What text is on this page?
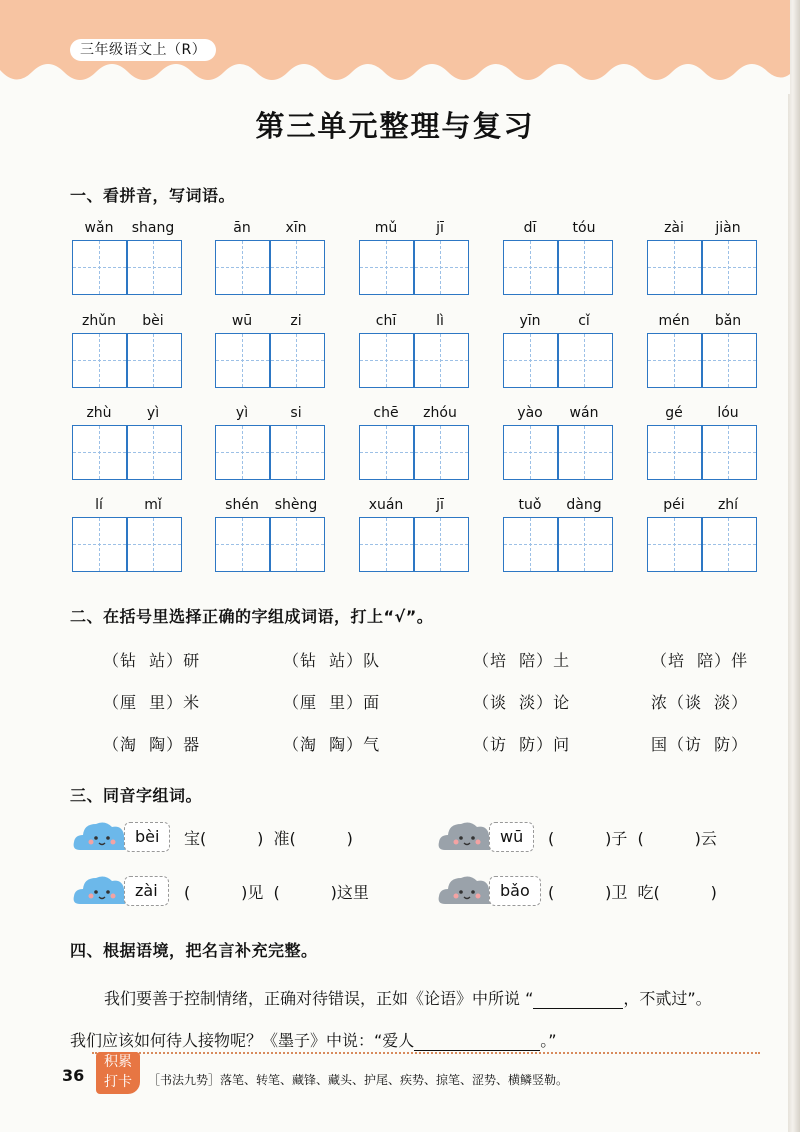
三年级语文上（R）
第三单元整理与复习
一、看拼音，写词语。
wǎn	shang	ān	xīn	mǔ	jī	dī	tóu	zài	jiàn
zhǔn	bèi	wū	zi	chī	lì	yīn	cǐ	mén	bǎn
zhù	yì	yì	si	chē	zhóu	yào	wán	gé	lóu
lí	mǐ	shén	shèng	xuán	jī	tuǒ	dàng	péi	zhí
二、在括号里选择正确的字组成词语，打上“√”。
（钻  站）研	（钻  站）队	（培  陪）土	（培  陪）伴
（厘  里）米	（厘  里）面	（谈  淡）论	浓（谈  淡）
（淘  陶）器	（淘  陶）气	（访  防）问	国（访  防）
三、同音字组词。
bèi	宝(          )  准(          )	wū	(          )子  (          )云
zài	(          )见  (          )这里	bǎo	(          )卫  吃(          )
四、根据语境，把名言补充完整。
我们要善于控制情绪，正确对待错误，正如《论语》中所说 “	，不贰过”。
我们应该如何待人接物呢？《墨子》中说：“爱人	。”
36
积累
打卡	［书法九势］落笔、转笔、藏锋、藏头、护尾、疾势、掠笔、涩势、横鳞竖勒。
